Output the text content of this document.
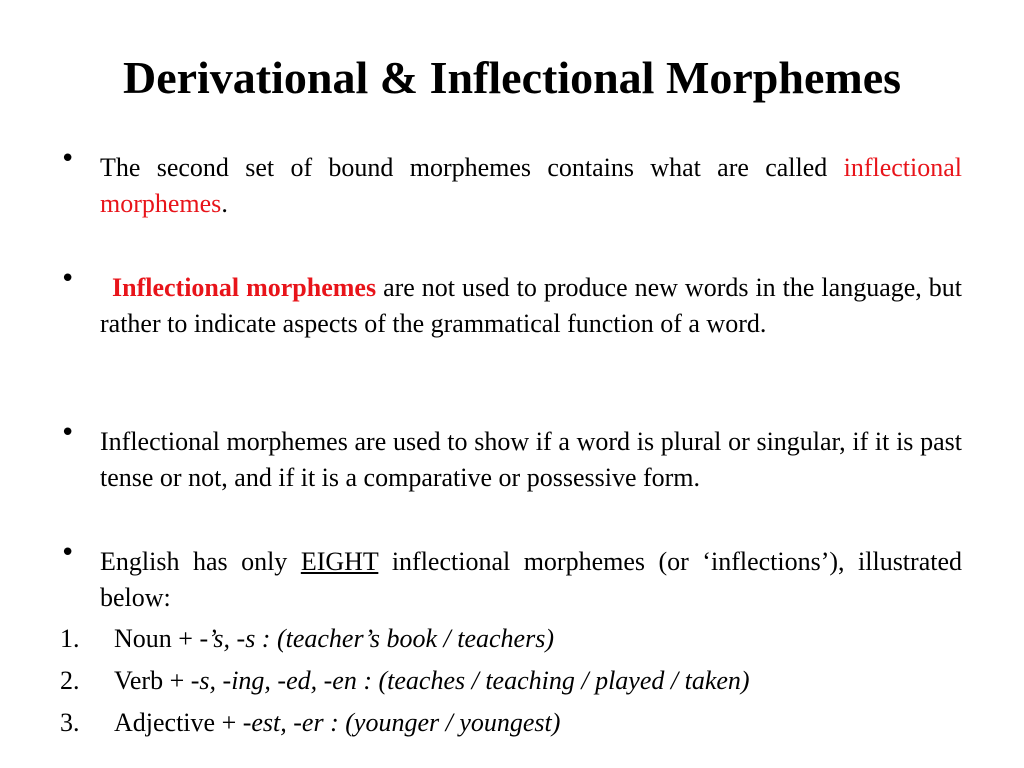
Derivational & Inflectional Morphemes
• The second set of bound morphemes contains what are called inflectional morphemes.
•	Inflectional morphemes are not used to produce new words in the language, but rather to indicate aspects of the grammatical function of a word.
• Inflectional morphemes are used to show if a word is plural or singular, if it is past tense or not, and if it is a comparative or possessive form.
• English has only EIGHT inflectional morphemes (or ‘inflections’), illustrated below:
1. Noun + -’s, -s : (teacher’s book / teachers)
2. Verb + -s, -ing, -ed, -en : (teaches / teaching / played / taken)
3. Adjective + -est, -er : (younger / youngest)
